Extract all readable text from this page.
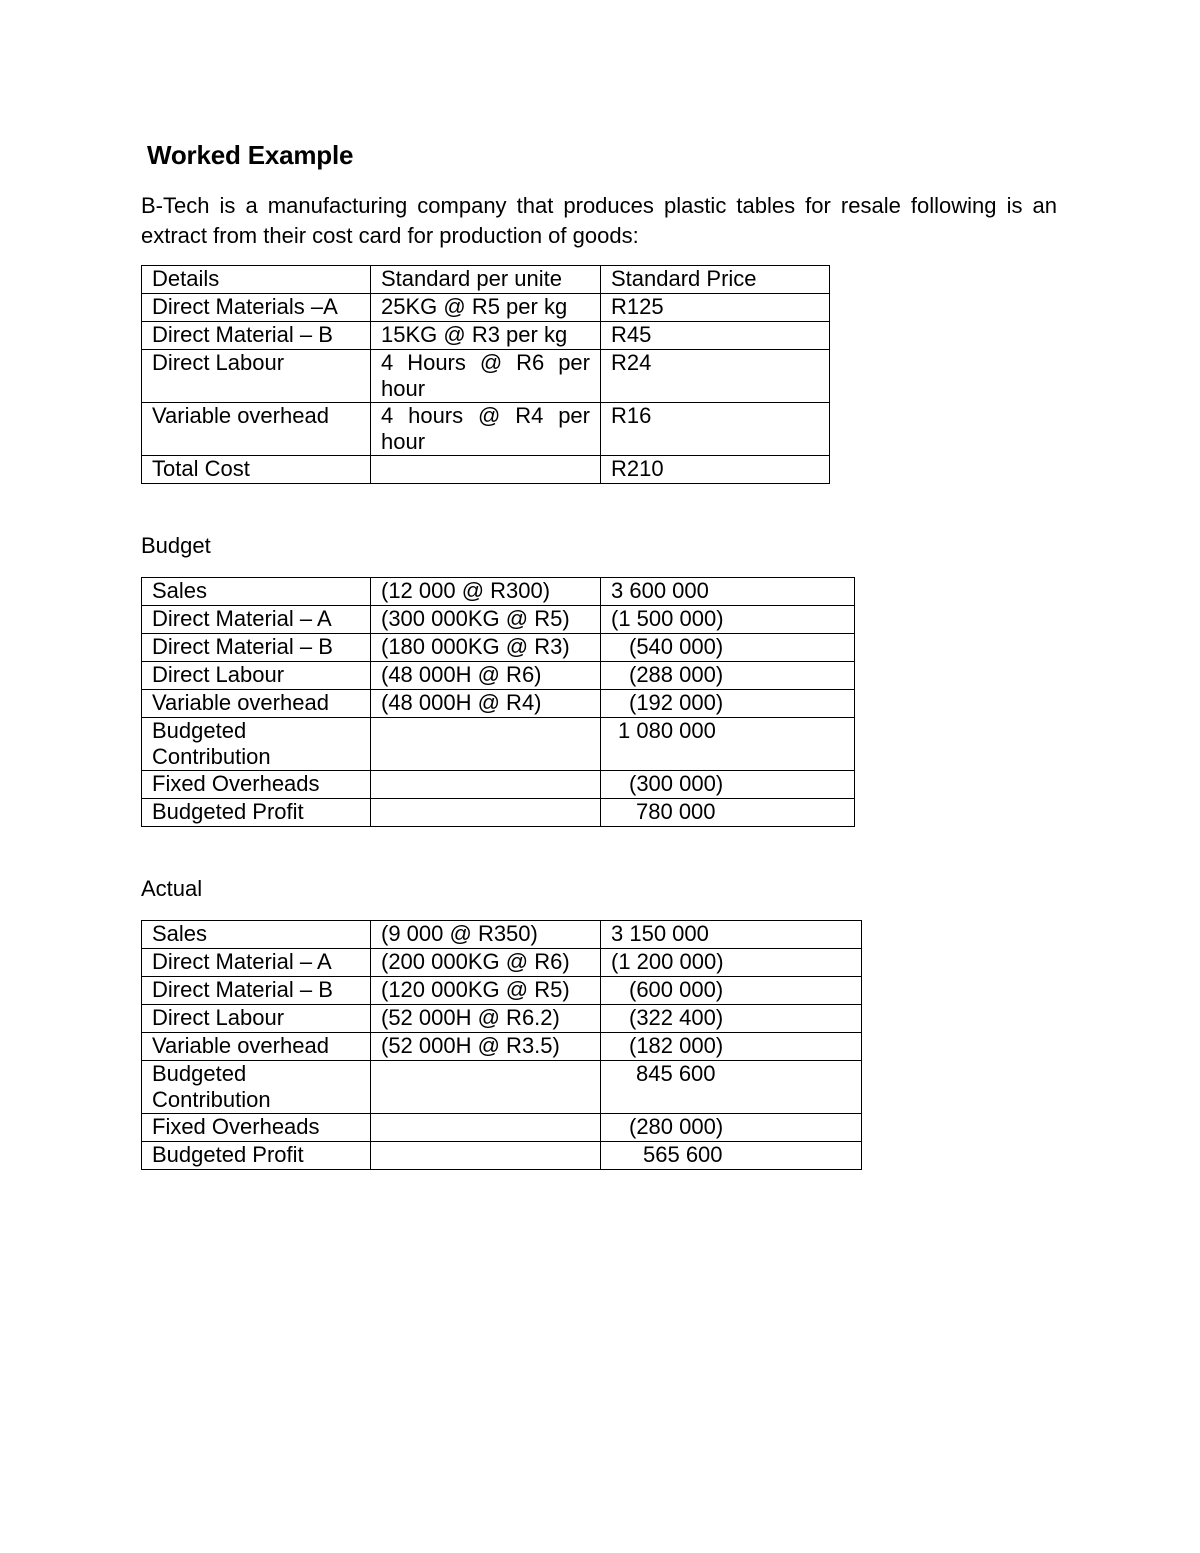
Worked Example
B-Tech is a manufacturing company that produces plastic tables for resale following is an extract from their cost card for production of goods:
Details	Standard per unite	Standard Price
Direct Materials –A	25KG @ R5 per kg	R125
Direct Material – B	15KG @ R3 per kg	R45
Direct Labour	4 Hours @ R6 per hour	R24
Variable overhead	4 hours @ R4 per hour	R16
Total Cost		R210
Budget
Sales	(12 000 @ R300)	3 600 000
Direct Material – A	(300 000KG @ R5)	(1 500 000)
Direct Material – B	(180 000KG @ R3)	(540 000)
Direct Labour	(48 000H @ R6)	(288 000)
Variable overhead	(48 000H @ R4)	(192 000)
Budgeted Contribution		1 080 000
Fixed Overheads		(300 000)
Budgeted Profit		780 000
Actual
Sales	(9 000 @ R350)	3 150 000
Direct Material – A	(200 000KG @ R6)	(1 200 000)
Direct Material – B	(120 000KG @ R5)	(600 000)
Direct Labour	(52 000H @ R6.2)	(322 400)
Variable overhead	(52 000H @ R3.5)	(182 000)
Budgeted Contribution		845 600
Fixed Overheads		(280 000)
Budgeted Profit		565 600
